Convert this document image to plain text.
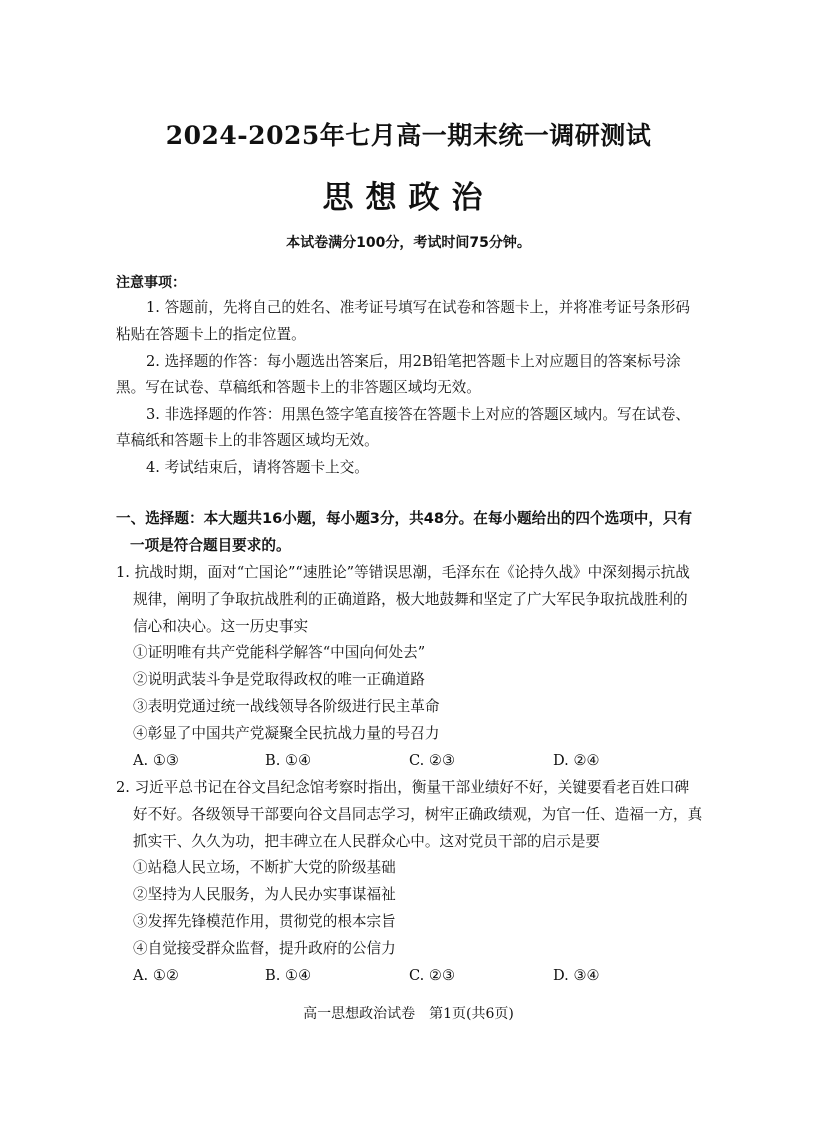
2024-2025年七月高一期末统一调研测试
思想政治
本试卷满分100分，考试时间75分钟。
注意事项：
1. 答题前，先将自己的姓名、准考证号填写在试卷和答题卡上，并将准考证号条形码
粘贴在答题卡上的指定位置。
2. 选择题的作答：每小题选出答案后，用2B铅笔把答题卡上对应题目的答案标号涂
黑。写在试卷、草稿纸和答题卡上的非答题区域均无效。
3. 非选择题的作答：用黑色签字笔直接答在答题卡上对应的答题区域内。写在试卷、
草稿纸和答题卡上的非答题区域均无效。
4. 考试结束后，请将答题卡上交。
一、选择题：本大题共16小题，每小题3分，共48分。在每小题给出的四个选项中，只有
一项是符合题目要求的。
1. 抗战时期，面对“亡国论”“速胜论”等错误思潮，毛泽东在《论持久战》中深刻揭示抗战
规律，阐明了争取抗战胜利的正确道路，极大地鼓舞和坚定了广大军民争取抗战胜利的
信心和决心。这一历史事实
①证明唯有共产党能科学解答“中国向何处去”
②说明武装斗争是党取得政权的唯一正确道路
③表明党通过统一战线领导各阶级进行民主革命
④彰显了中国共产党凝聚全民抗战力量的号召力
A. ①③	B. ①④	C. ②③	D. ②④
2. 习近平总书记在谷文昌纪念馆考察时指出，衡量干部业绩好不好，关键要看老百姓口碑
好不好。各级领导干部要向谷文昌同志学习，树牢正确政绩观，为官一任、造福一方，真
抓实干、久久为功，把丰碑立在人民群众心中。这对党员干部的启示是要
①站稳人民立场，不断扩大党的阶级基础
②坚持为人民服务，为人民办实事谋福祉
③发挥先锋模范作用，贯彻党的根本宗旨
④自觉接受群众监督，提升政府的公信力
A. ①②	B. ①④	C. ②③	D. ③④
高一思想政治试卷　第1页(共6页)
